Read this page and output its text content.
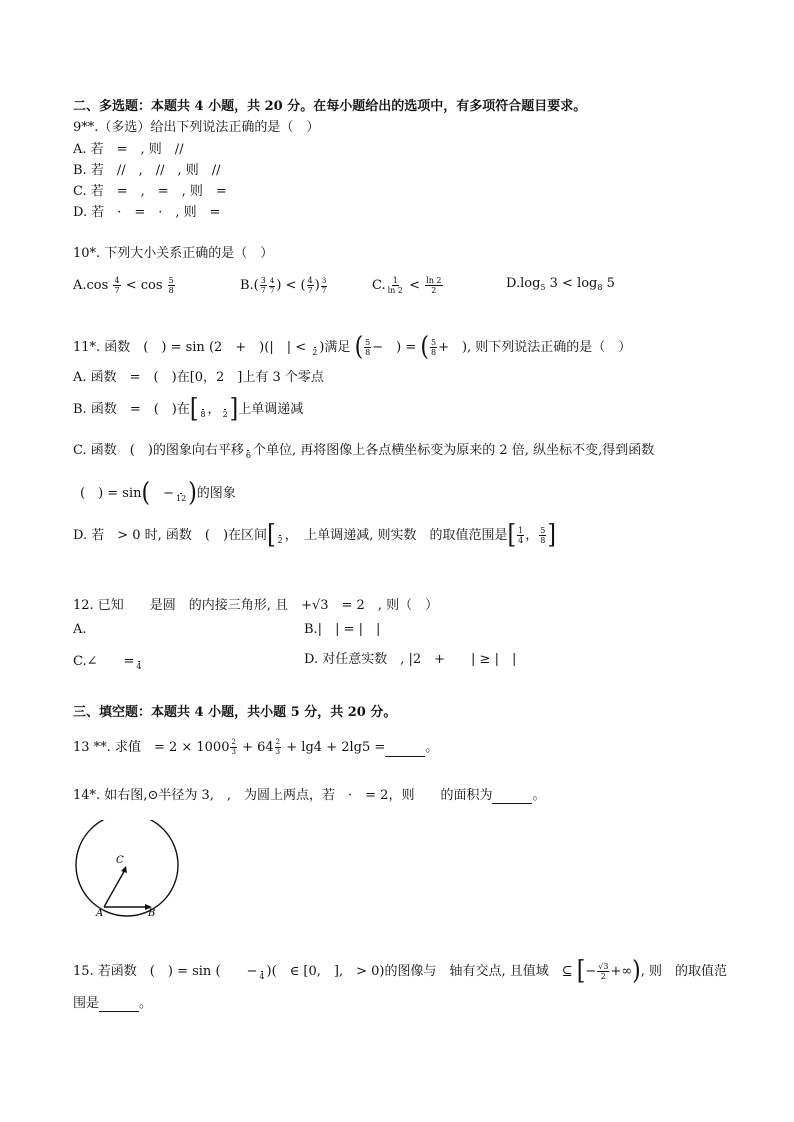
二、多选题：本题共 4 小题，共 20 分。在每小题给出的选项中，有多项符合题目要求。
9**.（多选）给出下列说法正确的是（　）
A. 若　=　, 则　//
B. 若　//　,　//　, 则　//
C. 若　=　,　=　, 则　=
D. 若　·　=　·　, 则　=
10*. 下列大小关系正确的是（　）
$A.\cos \frac{4}{7} < \cos \frac{5}{8}$	$B.( \frac{3}{7} \frac{4}{7}$ ) < ( $\frac{4}{7}$ ) $\frac{3}{7}$	C. $\frac{1}{\ln 2} < \frac{\ln 2}{2}$	$D.\log_5$ $3 < \log_8 5$
11*. 函数　(　) = sin (2　+　)(|　| < 2 )满足 ( $\frac{5}{8}$ −　) = ( $\frac{5}{8}$ +　), 则下列说法正确的是（　）
A. 函数　=　(　)在[0，2　]上有 3 个零点
B. 函数　=　(　)在[ 8 ， 2 ]上单调递减
C. 函数　(　)的图象向右平移 6 个单位, 再将图像上各点横坐标变为原来的 2 倍, 纵坐标不变,得到函数
(　) = sin(　− 12 )的图象
D. 若　> 0 时, 函数　(　)在区间[ 2 ，　上单调递减, 则实数　的取值范围是[ $\frac{1}{4}$ ， $\frac{5}{8}$ ]
12. 已知　　是圆　的内接三角形, 且　+√3　= 2　, 则（　）
A.	B.|　| = |　|
C.∠　　= 4	D. 对任意实数　, |2　+　　| ≥ |　|
三、填空题：本题共 4 小题，共小题 5 分，共 20 分。
13 **. 求值　= $2 \times 1000 \frac{2}{3} + 64 \frac{2}{3} + \lg 4 + 2\lg 5$ =	。
14*. 如右图,⊙半径为 3,　,　为圆上两点，若　·　= 2，则　　的面积为	。
C
A	B
15. 若函数　(　) = sin (　　− 4 )(　∈ [0,　],　> 0)的图像与　轴有交点, 且值域　⊆ [− $\frac{√3}{2}$ +∞), 则　的取值范
围是	。
